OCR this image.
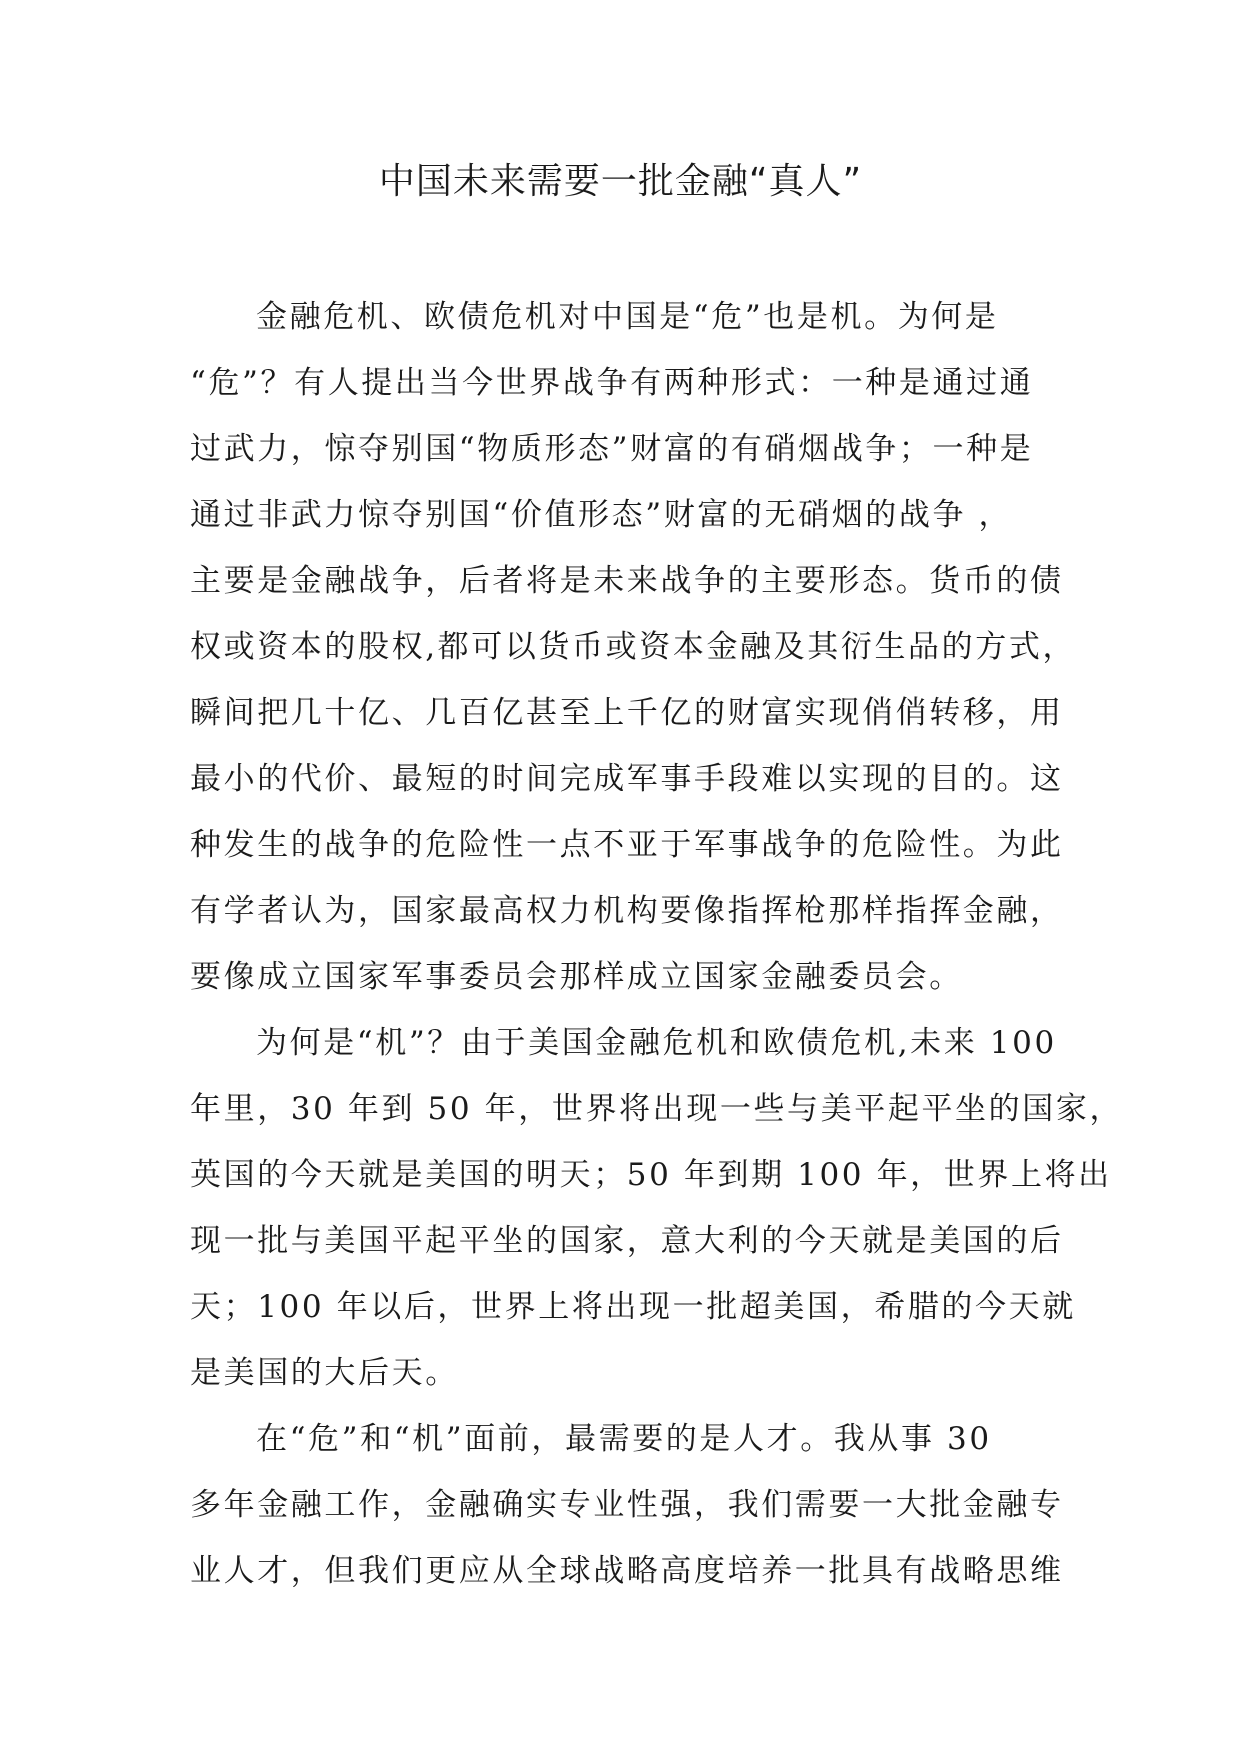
中国未来需要一批金融“真人”
金融危机、欧债危机对中国是“危”也是机。为何是
“危”？有人提出当今世界战争有两种形式：一种是通过通
过武力，惊夺别国“物质形态”财富的有硝烟战争；一种是
通过非武力惊夺别国“价值形态”财富的无硝烟的战争 ，
主要是金融战争，后者将是未来战争的主要形态。货币的债
权或资本的股权,都可以货币或资本金融及其衍生品的方式，
瞬间把几十亿、几百亿甚至上千亿的财富实现俏俏转移，用
最小的代价、最短的时间完成军事手段难以实现的目的。这
种发生的战争的危险性一点不亚于军事战争的危险性。为此
有学者认为，国家最高权力机构要像指挥枪那样指挥金融，
要像成立国家军事委员会那样成立国家金融委员会。
为何是“机”？由于美国金融危机和欧债危机,未来 100
年里，30 年到 50 年，世界将出现一些与美平起平坐的国家，
英国的今天就是美国的明天；50 年到期 100 年，世界上将出
现一批与美国平起平坐的国家，意大利的今天就是美国的后
天；100 年以后，世界上将出现一批超美国，希腊的今天就
是美国的大后天。
在“危”和“机”面前，最需要的是人才。我从事 30
多年金融工作，金融确实专业性强，我们需要一大批金融专
业人才，但我们更应从全球战略高度培养一批具有战略思维
